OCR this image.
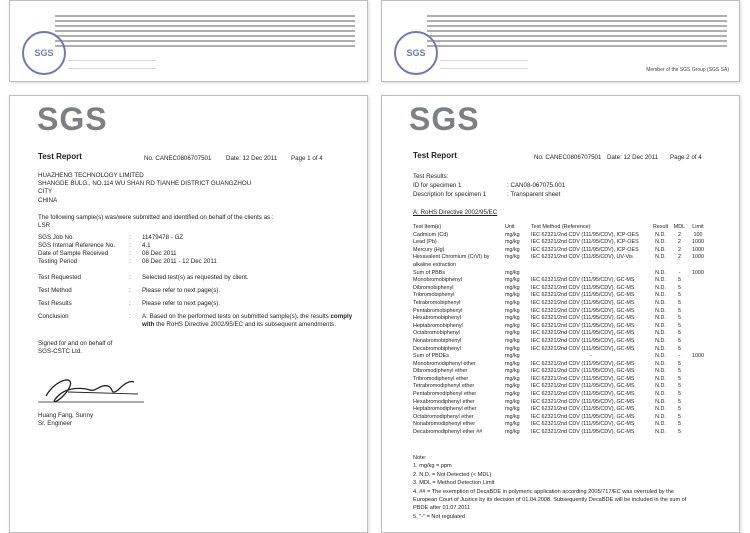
SGS
——————————————————————
——————————————————————
SGS
——————————————————————
——————————————————————	Member of the SGS Group (SGS SA)
SGS
Test Report	No. CANEC0806707501 Date: 12 Dec 2011 Page 1 of 4
HUAZHENG TECHNOLOGY LIMITED
SHANGDE BULG., NO.114 WU SHAN RD TIANHE DISTRICT GUANGZHOU
CITY
CHINA
The following sample(s) was/were submitted and identified on behalf of the clients as :
LSR
SGS Job No.	: 11479478 - GZ
SGS Internal Reference No. : 4.1
Date of Sample Received	: 08 Dec 2011
Testing Period	: 08 Dec 2011 - 12 Dec 2011
Test Requested	: Selected test(s) as requested by client.
Test Method	: Please refer to next page(s).
Test Results	: Please refer to next page(s).
Conclusion	: A: Based on the performed tests on submitted sample(s), the results comply
with the RoHS Directive 2002/95/EC and its subsequent amendments.
Signed for and on behalf of
SGS-CSTC Ltd.
Huang Fang, Sunny
Sr. Engineer
SGS
Test Report	No. CANEC0806707501 Date: 12 Dec 2011 Page 2 of 4
Test Results:
ID for specimen 1	: CAN08-067075.001
Description for specimen 1	: Transparent sheet
A: RoHS Directive 2002/95/EC
Test Item(s)	Unit	Test Method (Reference)	Result	MDL	Limit
Cadmium (Cd)	mg/kg	IEC 62321/2nd CDV (111/95/CDV), ICP-OES	N.D.	2	100
Lead (Pb)	mg/kg	IEC 62321/2nd CDV (111/95/CDV), ICP-OES	N.D.	2	1000
Mercury (Hg)	mg/kg	IEC 62321/2nd CDV (111/95/CDV), ICP-OES	N.D.	2	1000
Hexavalent Chromium (CrVI) by	mg/kg	IEC 62321/2nd CDV (111/95/CDV), UV-Vis	N.D.	2	1000
alkaline extraction					
Sum of PBBs	mg/kg	-	N.D.	-	1000
Monobromobiphenyl	mg/kg	IEC 62321/2nd CDV (111/95/CDV), GC-MS	N.D.	5	
Dibromobiphenyl	mg/kg	IEC 62321/2nd CDV (111/95/CDV), GC-MS	N.D.	5	
Tribromobiphenyl	mg/kg	IEC 62321/2nd CDV (111/95/CDV), GC-MS	N.D.	5	
Tetrabromobiphenyl	mg/kg	IEC 62321/2nd CDV (111/95/CDV), GC-MS	N.D.	5	
Pentabromobiphenyl	mg/kg	IEC 62321/2nd CDV (111/95/CDV), GC-MS	N.D.	5	
Hexabromobiphenyl	mg/kg	IEC 62321/2nd CDV (111/95/CDV), GC-MS	N.D.	5	
Heptabromobiphenyl	mg/kg	IEC 62321/2nd CDV (111/95/CDV), GC-MS	N.D.	5	
Octabromobiphenyl	mg/kg	IEC 62321/2nd CDV (111/95/CDV), GC-MS	N.D.	5	
Nonabromobiphenyl	mg/kg	IEC 62321/2nd CDV (111/95/CDV), GC-MS	N.D.	5	
Decabromobiphenyl	mg/kg	IEC 62321/2nd CDV (111/95/CDV), GC-MS	N.D.	5	
Sum of PBDEs	mg/kg	-	N.D.	-	1000
Monobromodiphenyl ether	mg/kg	IEC 62321/2nd CDV (111/95/CDV), GC-MS	N.D.	5	
Dibromodiphenyl ether	mg/kg	IEC 62321/2nd CDV (111/95/CDV), GC-MS	N.D.	5	
Tribromodiphenyl ether	mg/kg	IEC 62321/2nd CDV (111/95/CDV), GC-MS	N.D.	5	
Tetrabromodiphenyl ether	mg/kg	IEC 62321/2nd CDV (111/95/CDV), GC-MS	N.D.	5	
Pentabromodiphenyl ether	mg/kg	IEC 62321/2nd CDV (111/95/CDV), GC-MS	N.D.	5	
Hexabromodiphenyl ether	mg/kg	IEC 62321/2nd CDV (111/95/CDV), GC-MS	N.D.	5	
Heptabromodiphenyl ether	mg/kg	IEC 62321/2nd CDV (111/95/CDV), GC-MS	N.D.	5	
Octabromodiphenyl ether	mg/kg	IEC 62321/2nd CDV (111/95/CDV), GC-MS	N.D.	5	
Nonabromodiphenyl ether	mg/kg	IEC 62321/2nd CDV (111/95/CDV), GC-MS	N.D.	5	
Decabromodiphenyl ether ##	mg/kg	IEC 62321/2nd CDV (111/95/CDV), GC-MS	N.D.	5	
Note:
1. mg/kg = ppm
2. N.D. = Not Detected (< MDL)
3. MDL = Method Detection Limit
4. ## = The exemption of DecaBDE in polymeric application according 2005/717/EC was overruled by the
European Court of Justice by its decision of 01.04.2008. Subsequently DecaBDE will be included in the sum of
PBDE after 01.07.2011
5. "-" = Not regulated
